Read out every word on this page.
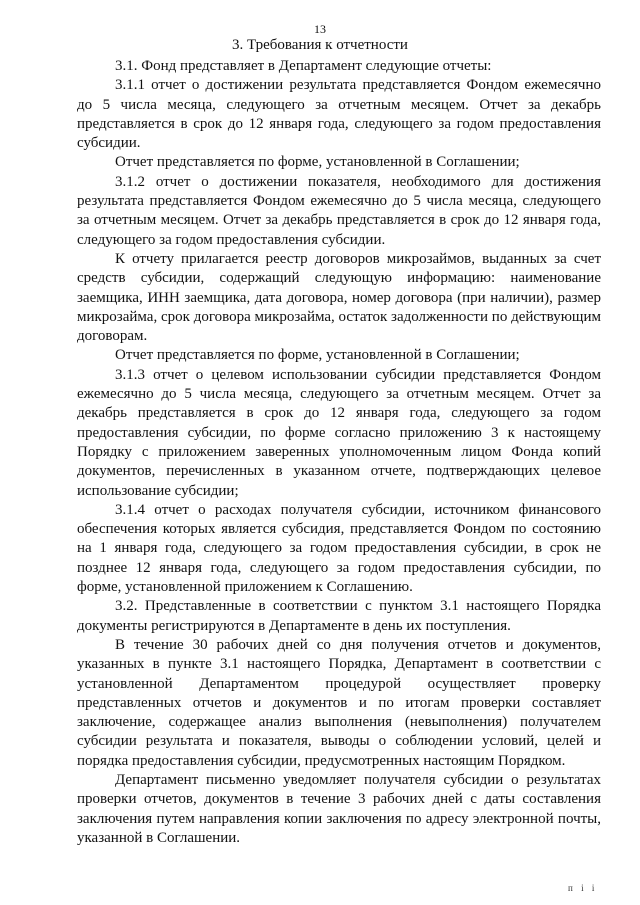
13
3. Требования к отчетности

3.1. Фонд представляет в Департамент следующие отчеты:

3.1.1 отчет о достижении результата представляется Фондом ежемесячно до 5 числа месяца, следующего за отчетным месяцем. Отчет за декабрь представляется в срок до 12 января года, следующего за годом предоставления субсидии.

Отчет представляется по форме, установленной в Соглашении;

3.1.2 отчет о достижении показателя, необходимого для достижения результата представляется Фондом ежемесячно до 5 числа месяца, следующего за отчетным месяцем. Отчет за декабрь представляется в срок до 12 января года, следующего за годом предоставления субсидии.

К отчету прилагается реестр договоров микрозаймов, выданных за счет средств субсидии, содержащий следующую информацию: наименование заемщика, ИНН заемщика, дата договора, номер договора (при наличии), размер микрозайма, срок договора микрозайма, остаток задолженности по действующим договорам.

Отчет представляется по форме, установленной в Соглашении;

3.1.3 отчет о целевом использовании субсидии представляется Фондом ежемесячно до 5 числа месяца, следующего за отчетным месяцем. Отчет за декабрь представляется в срок до 12 января года, следующего за годом предоставления субсидии, по форме согласно приложению 3 к настоящему Порядку с приложением заверенных уполномоченным лицом Фонда копий документов, перечисленных в указанном отчете, подтверждающих целевое использование субсидии;

3.1.4 отчет о расходах получателя субсидии, источником финансового обеспечения которых является субсидия, представляется Фондом по состоянию на 1 января года, следующего за годом предоставления субсидии, в срок не позднее 12 января года, следующего за годом предоставления субсидии, по форме, установленной приложением к Соглашению.

3.2. Представленные в соответствии с пунктом 3.1 настоящего Порядка документы регистрируются в Департаменте в день их поступления.

В течение 30 рабочих дней со дня получения отчетов и документов, указанных в пункте 3.1 настоящего Порядка, Департамент в соответствии с установленной Департаментом процедурой осуществляет проверку представленных отчетов и документов и по итогам проверки составляет заключение, содержащее анализ выполнения (невыполнения) получателем субсидии результата и показателя, выводы о соблюдении условий, целей и порядка предоставления субсидии, предусмотренных настоящим Порядком.

Департамент письменно уведомляет получателя субсидии о результатах проверки отчетов, документов в течение 3 рабочих дней с даты составления заключения путем направления копии заключения по адресу электронной почты, указанной в Соглашении.

п і і
